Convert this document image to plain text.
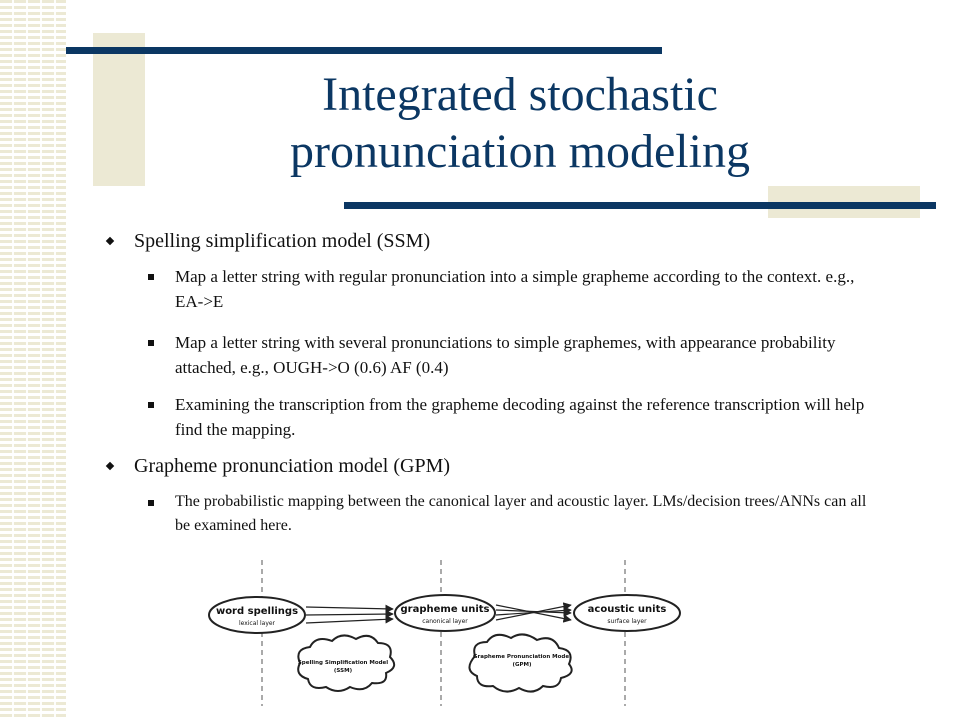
Integrated stochastic pronunciation modeling
Spelling simplification model (SSM)
Map a letter string with regular pronunciation into a simple grapheme according to the context. e.g., EA->E
Map a letter string with several pronunciations to simple graphemes, with appearance probability attached, e.g., OUGH->O (0.6) AF (0.4)
Examining the transcription from the grapheme decoding against the reference transcription will help find the mapping.
Grapheme pronunciation model (GPM)
The probabilistic mapping between the canonical layer and acoustic layer. LMs/decision trees/ANNs can all be examined here.
word spellings
lexical layer
grapheme units
canonical layer
acoustic units
surface layer
Spelling Simplification Model
(SSM)
Grapheme Pronunciation Model
(GPM)
